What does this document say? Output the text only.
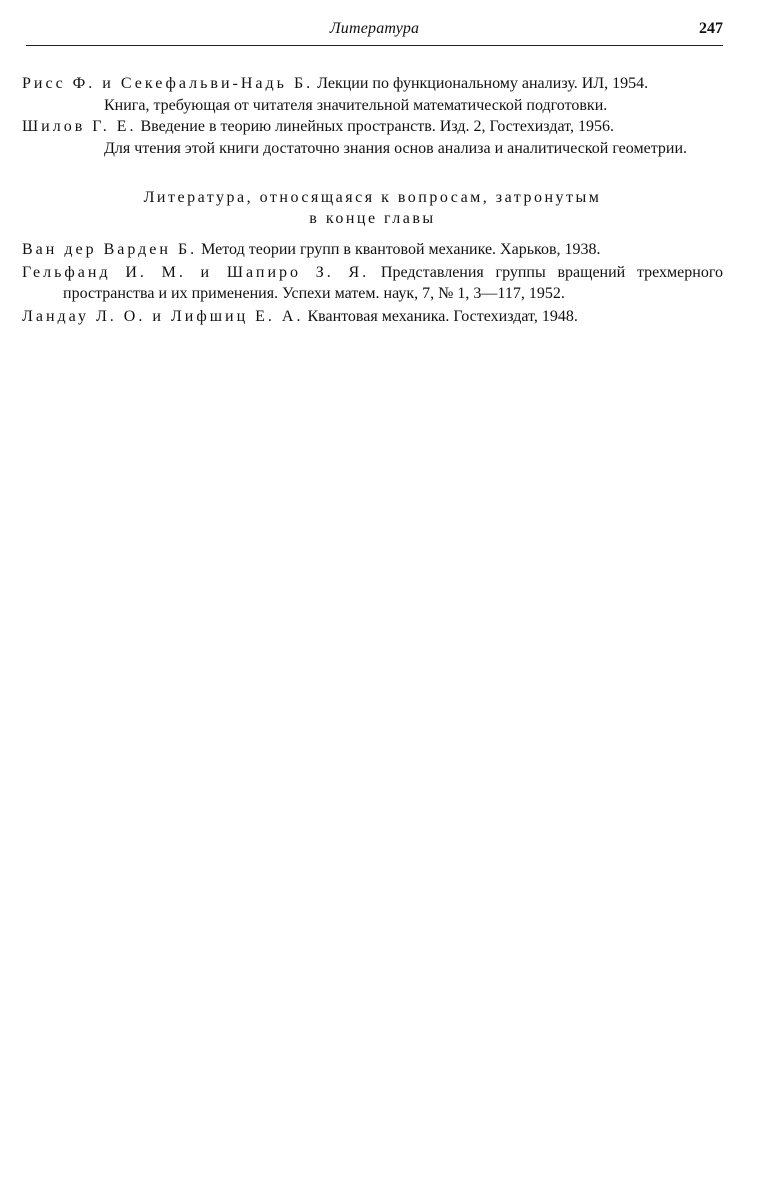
Литература	247

Рисс Ф. и Секефальви-Надь Б. Лекции по функциональному анализу. ИЛ, 1954.

Книга, требующая от читателя значительной математической подготовки.

Шилов Г. Е. Введение в теорию линейных пространств. Изд. 2, Гостехиздат, 1956.

Для чтения этой книги достаточно знания основ анализа и аналитической геометрии.

Литература, относящаяся к вопросам, затронутым
в конце главы

Ван дер Варден Б. Метод теории групп в квантовой механике. Харьков, 1938.

Гельфанд И. М. и Шапиро З. Я. Представления группы вращений трехмерного пространства и их применения. Успехи матем. наук, 7, № 1, 3—117, 1952.

Ландау Л. О. и Лифшиц Е. А. Квантовая механика. Гостехиздат, 1948.
